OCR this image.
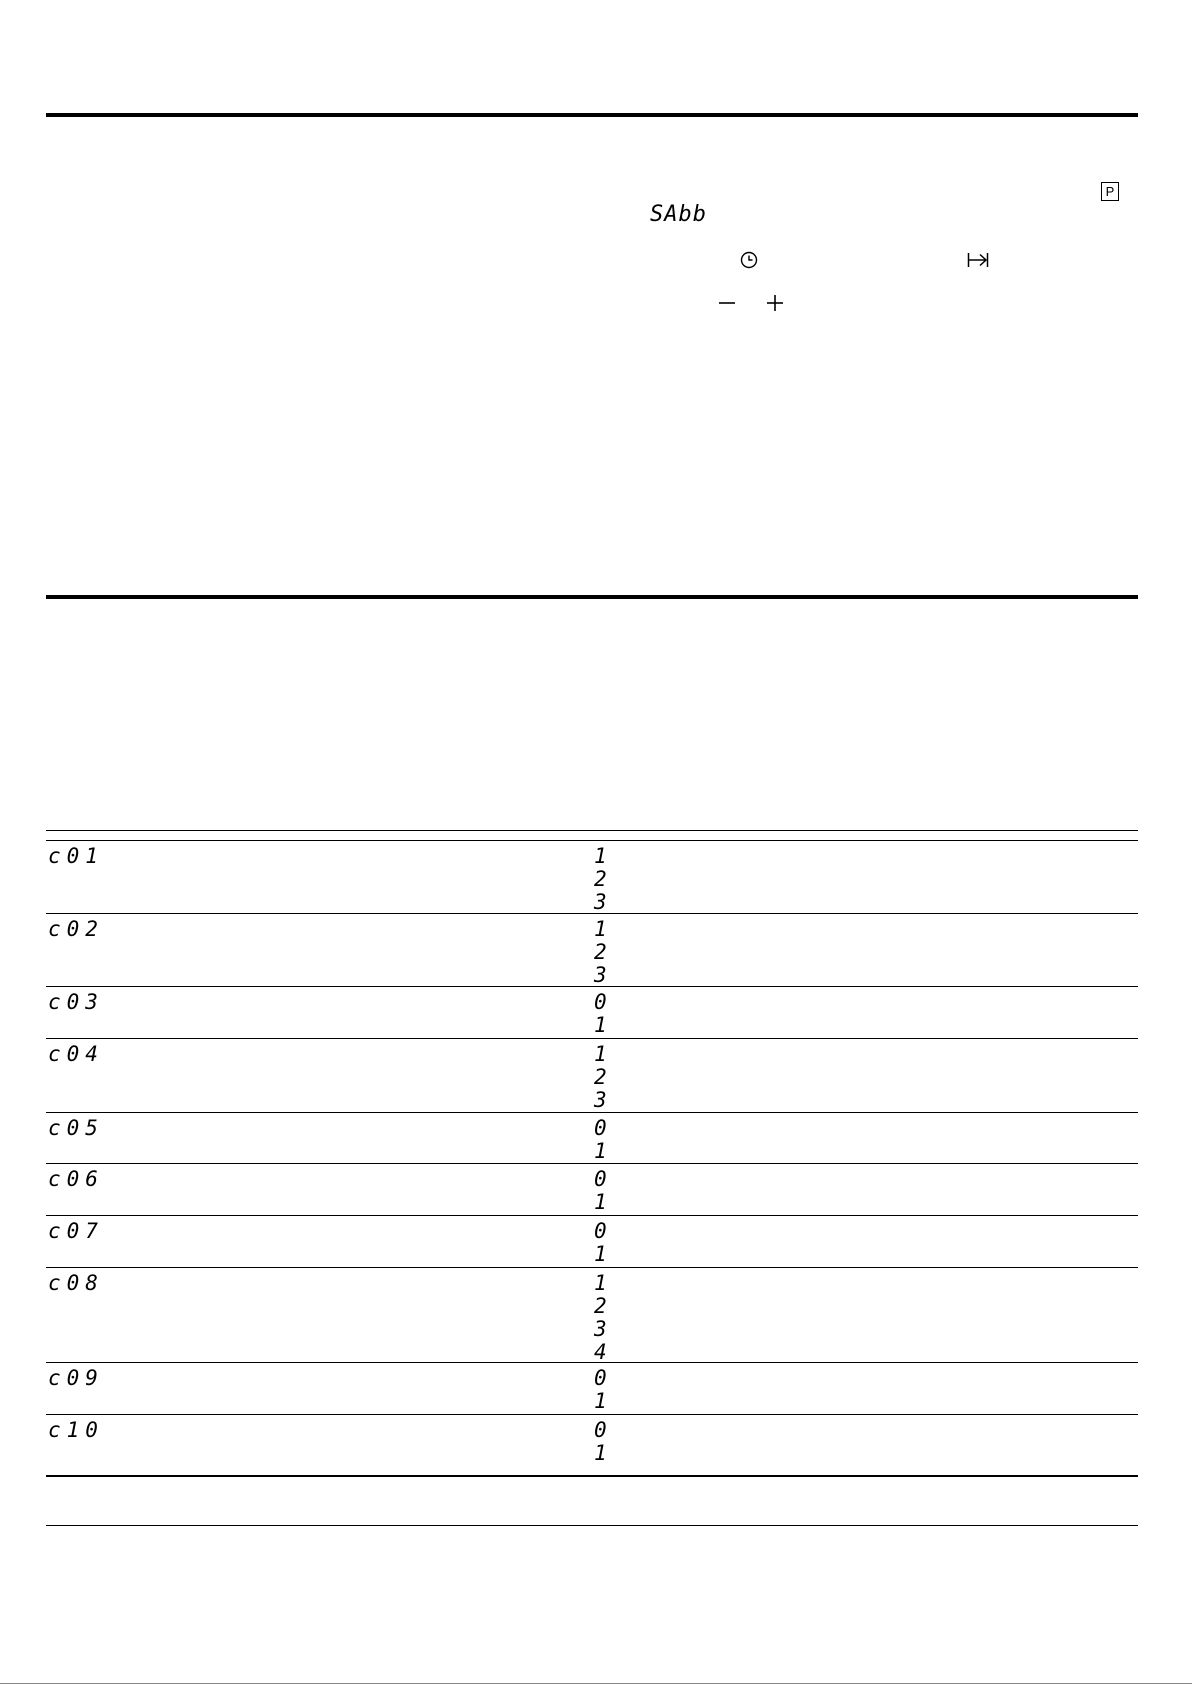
P
SAbb
c01	1
2
3
c02	1
2
3
c03	0
1
c04	1
2
3
c05	0
1
c06	0
1
c07	0
1
c08	1
2
3
4
c09	0
1
c10	0
1
